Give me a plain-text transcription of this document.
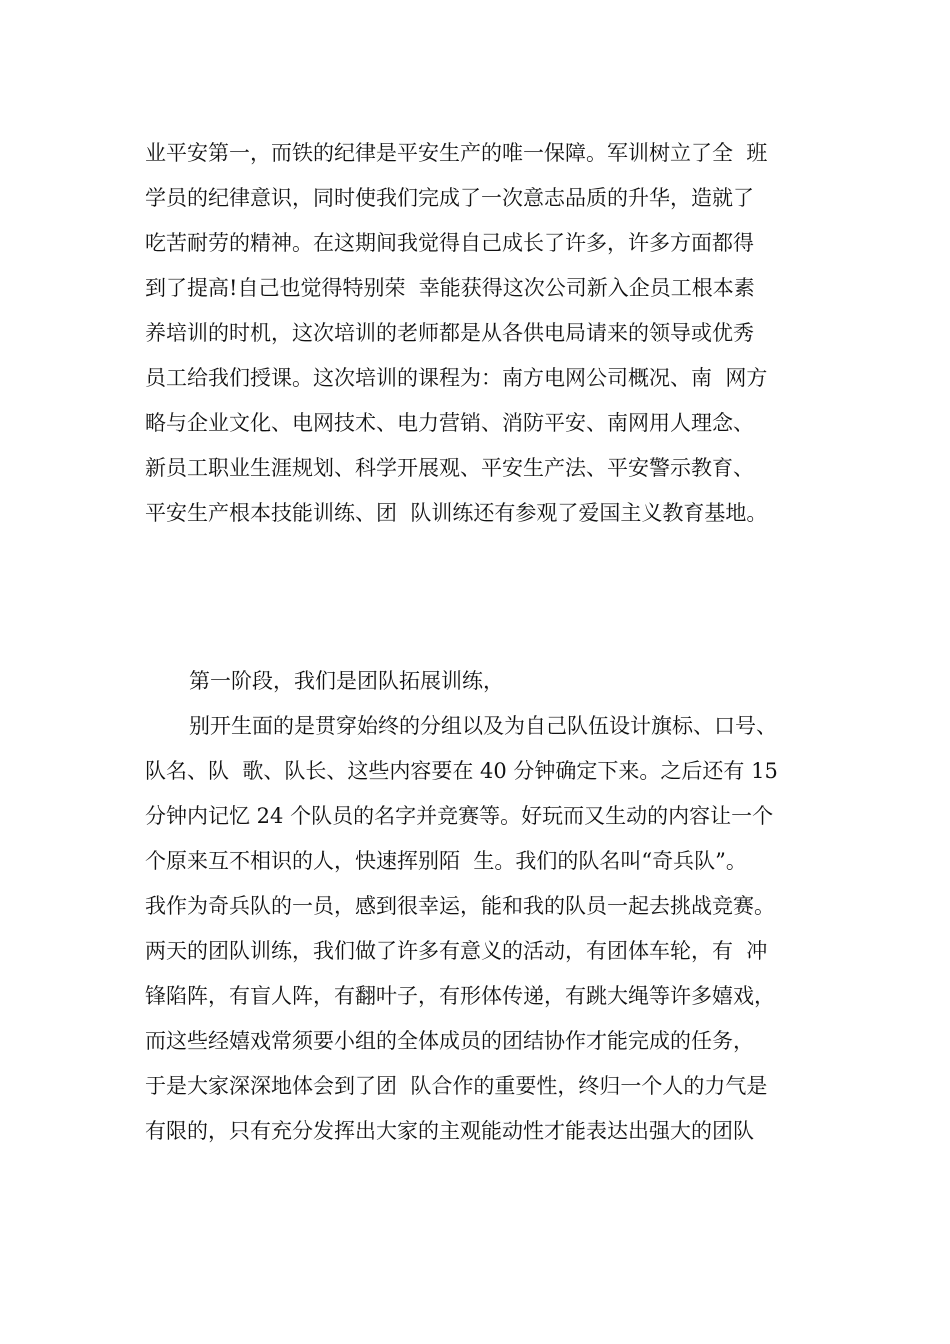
业平安第一，而铁的纪律是平安生产的唯一保障。军训树立了全  班
学员的纪律意识，同时使我们完成了一次意志品质的升华，造就了
吃苦耐劳的精神。在这期间我觉得自己成长了许多，许多方面都得
到了提高!自己也觉得特别荣  幸能获得这次公司新入企员工根本素
养培训的时机，这次培训的老师都是从各供电局请来的领导或优秀
员工给我们授课。这次培训的课程为：南方电网公司概况、南  网方
略与企业文化、电网技术、电力营销、消防平安、南网用人理念、
新员工职业生涯规划、科学开展观、平安生产法、平安警示教育、
平安生产根本技能训练、团  队训练还有参观了爱国主义教育基地。
第一阶段，我们是团队拓展训练，
别开生面的是贯穿始终的分组以及为自己队伍设计旗标、口号、
队名、队  歌、队长、这些内容要在 40 分钟确定下来。之后还有 15
分钟内记忆 24 个队员的名字并竞赛等。好玩而又生动的内容让一个
个原来互不相识的人，快速挥别陌  生。我们的队名叫“奇兵队”。
我作为奇兵队的一员，感到很幸运，能和我的队员一起去挑战竞赛。
两天的团队训练，我们做了许多有意义的活动，有团体车轮，有  冲
锋陷阵，有盲人阵，有翻叶子，有形体传递，有跳大绳等许多嬉戏，
而这些经嬉戏常须要小组的全体成员的团结协作才能完成的任务，
于是大家深深地体会到了团  队合作的重要性，终归一个人的力气是
有限的，只有充分发挥出大家的主观能动性才能表达出强大的团队
